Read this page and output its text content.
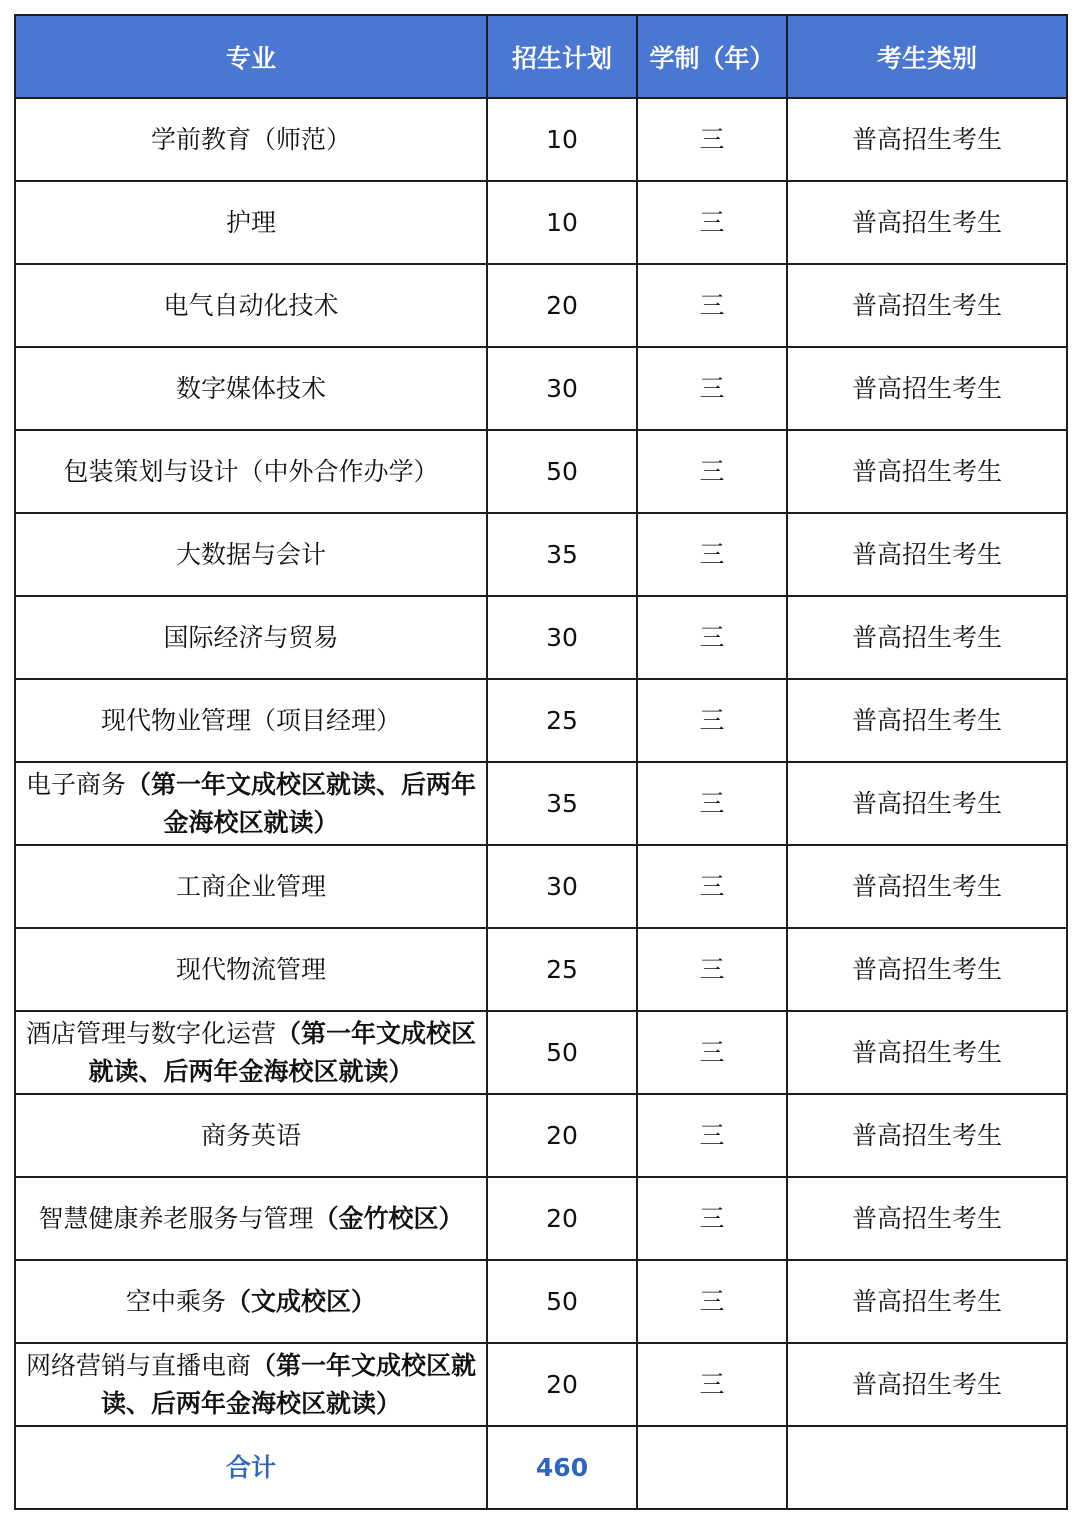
专业	招生计划	学制（年）	考生类别
学前教育（师范）	10	三	普高招生考生
护理	10	三	普高招生考生
电气自动化技术	20	三	普高招生考生
数字媒体技术	30	三	普高招生考生
包装策划与设计（中外合作办学）	50	三	普高招生考生
大数据与会计	35	三	普高招生考生
国际经济与贸易	30	三	普高招生考生
现代物业管理（项目经理）	25	三	普高招生考生
电子商务（第一年文成校区就读、后两年金海校区就读）	35	三	普高招生考生
工商企业管理	30	三	普高招生考生
现代物流管理	25	三	普高招生考生
酒店管理与数字化运营（第一年文成校区就读、后两年金海校区就读）	50	三	普高招生考生
商务英语	20	三	普高招生考生
智慧健康养老服务与管理（金竹校区）	20	三	普高招生考生
空中乘务（文成校区）	50	三	普高招生考生
网络营销与直播电商（第一年文成校区就读、后两年金海校区就读）	20	三	普高招生考生
合计	460		
